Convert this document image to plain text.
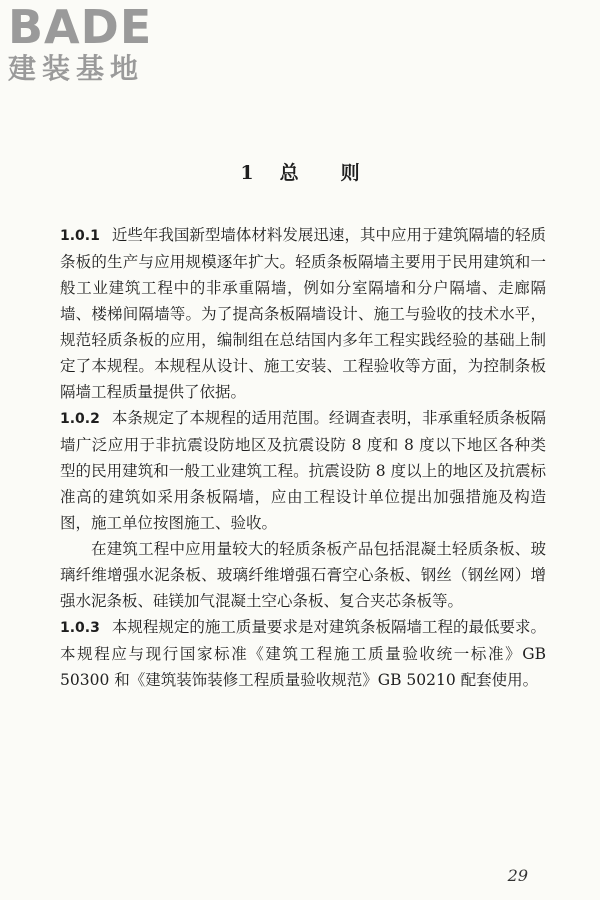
BADE
建装基地
1 总 则

1.0.1 近些年我国新型墙体材料发展迅速，其中应用于建筑隔墙的轻质条板的生产与应用规模逐年扩大。轻质条板隔墙主要用于民用建筑和一般工业建筑工程中的非承重隔墙，例如分室隔墙和分户隔墙、走廊隔墙、楼梯间隔墙等。为了提高条板隔墙设计、施工与验收的技术水平，规范轻质条板的应用，编制组在总结国内多年工程实践经验的基础上制定了本规程。本规程从设计、施工安装、工程验收等方面，为控制条板隔墙工程质量提供了依据。

1.0.2 本条规定了本规程的适用范围。经调查表明，非承重轻质条板隔墙广泛应用于非抗震设防地区及抗震设防 8 度和 8 度以下地区各种类型的民用建筑和一般工业建筑工程。抗震设防 8 度以上的地区及抗震标准高的建筑如采用条板隔墙，应由工程设计单位提出加强措施及构造图，施工单位按图施工、验收。

在建筑工程中应用量较大的轻质条板产品包括混凝土轻质条板、玻璃纤维增强水泥条板、玻璃纤维增强石膏空心条板、钢丝（钢丝网）增强水泥条板、硅镁加气混凝土空心条板、复合夹芯条板等。

1.0.3 本规程规定的施工质量要求是对建筑条板隔墙工程的最低要求。本规程应与现行国家标准《建筑工程施工质量验收统一标准》GB 50300 和《建筑装饰装修工程质量验收规范》GB 50210 配套使用。

29
